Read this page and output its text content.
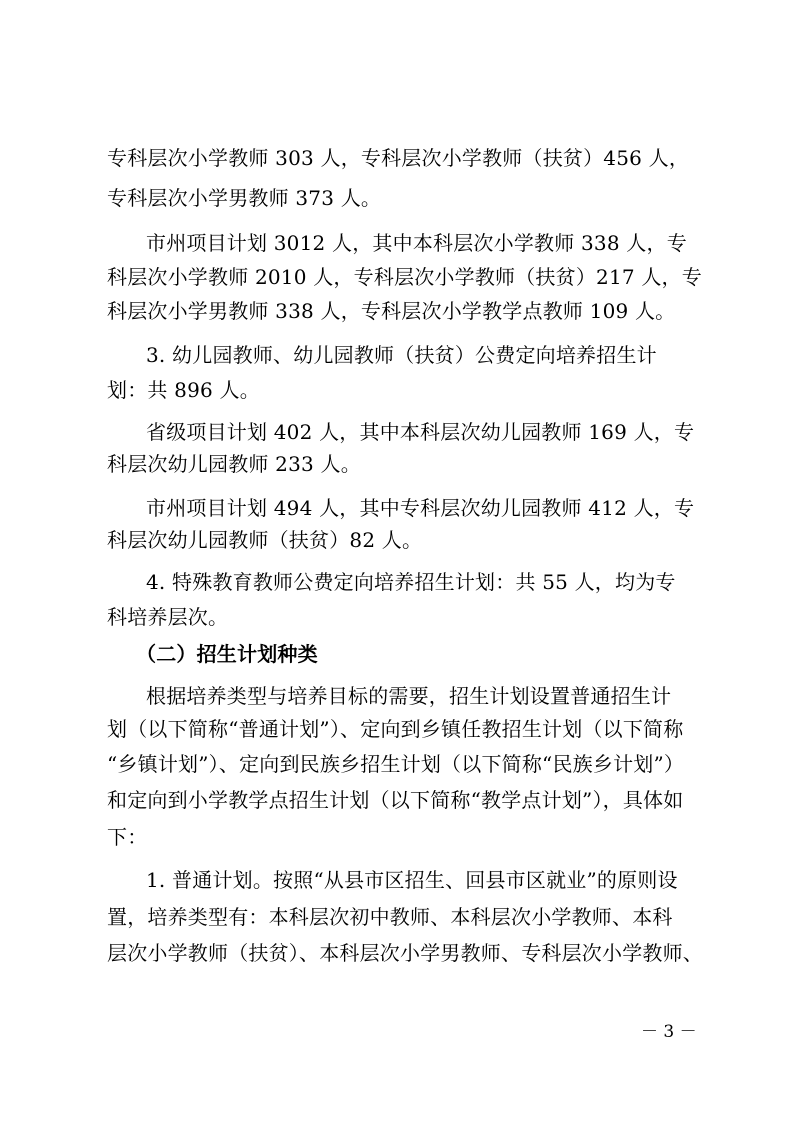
专科层次小学教师 303 人，专科层次小学教师（扶贫）456 人，
专科层次小学男教师 373 人。
市州项目计划 3012 人，其中本科层次小学教师 338 人，专
科层次小学教师 2010 人，专科层次小学教师（扶贫）217 人，专
科层次小学男教师 338 人，专科层次小学教学点教师 109 人。
3. 幼儿园教师、幼儿园教师（扶贫）公费定向培养招生计
划：共 896 人。
省级项目计划 402 人，其中本科层次幼儿园教师 169 人，专
科层次幼儿园教师 233 人。
市州项目计划 494 人，其中专科层次幼儿园教师 412 人，专
科层次幼儿园教师（扶贫）82 人。
4. 特殊教育教师公费定向培养招生计划：共 55 人，均为专
科培养层次。
（二）招生计划种类
根据培养类型与培养目标的需要，招生计划设置普通招生计
划（以下简称“普通计划”）、定向到乡镇任教招生计划（以下简称
“乡镇计划”）、定向到民族乡招生计划（以下简称“民族乡计划”）
和定向到小学教学点招生计划（以下简称“教学点计划”），具体如
下：
1. 普通计划。按照“从县市区招生、回县市区就业”的原则设
置，培养类型有：本科层次初中教师、本科层次小学教师、本科
层次小学教师（扶贫）、本科层次小学男教师、专科层次小学教师、
－ 3 －
